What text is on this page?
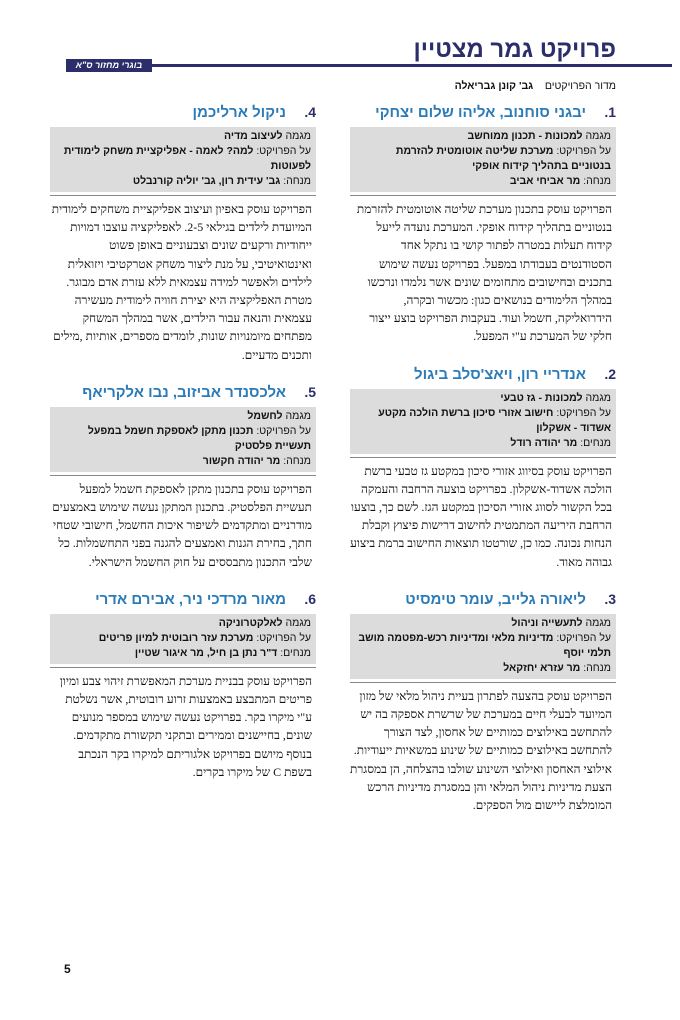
פרויקט גמר מצטיין
בוגרי מחזור ס"א
מדור הפרויקטים    גב' קונן גבריאלה
1.
יבגני סוחנוב, אליהו שלום יצחקי
מגמה למכונות - תכנון ממוחשב
על הפרויקט: מערכת שליטה אוטומטית להזרמת בנטוניים בתהליך קידוח אופקי
מנחה: מר אביחי אביב
הפרויקט עוסק בתכנון מערכת שליטה אוטומטית להזרמת בנטוניים בתהליך קידוח אופקי. המערכת נועדה לייעל קידוח תעלות במטרה לפתור קושי בו נתקל אחד הסטודנטים בעבודתו במפעל. בפרויקט נעשה שימוש בתכנים ובחישובים מתחומים שונים אשר נלמדו ונרכשו במהלך הלימודים בנושאים כגון: מכשור ובקרה, הידרואליקה, חשמל ועוד. בעקבות הפרויקט בוצע ייצור חלקי של המערכת ע"י המפעל.
2.
אנדריי רון, ויאצ'סלב ביגול
מגמה למכונות - גז טבעי
על הפרויקט: חישוב אזורי סיכון ברשת הולכה מקטע אשדוד - אשקלון
מנחים: מר יהודה רודל
הפרויקט עוסק בסיווג אזורי סיכון במקטע גז טבעי ברשת הולכה אשדוד-אשקלון. בפרויקט בוצעה הרחבה והעמקה בכל הקשור לסווג אזורי הסיכון במקטע הגז. לשם כך, בוצעו הרחבת היריעה המתמטית לחישוב דרישות פיצוץ וקבלת הנחות נכונה. כמו כן, שורטטו תוצאות החישוב ברמת ביצוע גבוהה מאוד.
3.
ליאורה גלייב, עומר טימסיט
מגמה לתעשייה וניהול
על הפרויקט: מדיניות מלאי ומדיניות רכש-מפטמה מושב תלמי יוסף
מנחה: מר עזרא יחזקאל
הפרויקט עוסק בהצעה לפתרון בעיית ניהול מלאי של מזון המיועד לבעלי חיים במערכת של שרשרת אספקה בה יש להתחשב באילוצים כמותיים של אחסון, לצד הצורך להתחשב באילוצים כמותיים של שינוע במשאיות ייעודיות. אילוצי האחסון ואילוצי השינוע שולבו בהצלחה, הן במסגרת הצעת מדיניות ניהול המלאי והן במסגרת מדיניות הרכש המומלצת ליישום מול הספקים.
4.
ניקול ארליכמן
מגמה לעיצוב מדיה
על הפרויקט: למה? לאמה - אפליקציית משחק לימודית לפעוטות
מנחה: גב' עידית רון, גב' יוליה קורנבלט
הפרויקט עוסק באפיון ועיצוב אפליקציית משחקים לימודית המיועדת לילדים בגילאי 2-5. לאפליקציה עוצבו דמויות ייחודיות ורקעים שונים וצבעוניים באופן פשוט ואינטואיטיבי, על מנת ליצור משחק אטרקטיבי ויזואלית לילדים ולאפשר למידה עצמאית ללא עזרת אדם מבוגר. מטרת האפליקציה היא יצירת חוויה לימודית מעשירה עצמאית והנאה עבור הילדים, אשר במהלך המשחק מפתחים מיומנויות שונות, לומדים מספרים, אותיות ,מילים ותכנים מדעיים.
5.
אלכסנדר אביזוב, נבו אלקריאף
מגמה לחשמל
על הפרויקט: תכנון מתקן לאספקת חשמל במפעל תעשיית פלסטיק
מנחה: מר יהודה חקשור
הפרויקט עוסק בתכנון מתקן לאספקת חשמל למפעל תעשיית הפלסטיק. בתכנון המתקן נעשה שימוש באמצעים מודרניים ומתקדמים לשיפור איכות החשמל, חישובי שטחי חתך, בחירת הגנות ואמצעים להגנה בפני התחשמלות. כל שלבי התכנון מתבססים על חוק החשמל הישראלי.
6.
מאור מרדכי ניר, אבירם אדרי
מגמה לאלקטרוניקה
על הפרויקט: מערכת עזר רובוטית למיון פריטים
מנחים: ד"ר נתן בן חיל, מר איגור שטיין
הפרויקט עוסק בבניית מערכת המאפשרת זיהוי צבע ומיון פריטים המתבצע באמצעות זרוע רובוטית, אשר נשלטת ע"י מיקרו בקר. בפרויקט נעשה שימוש במספר מנועים שונים, בחיישנים וממירים ובתקני תקשורת מתקדמים. בנוסף מיושם בפרויקט אלגוריתם למיקרו בקר הנכתב בשפת C של מיקרו בקרים.
5
